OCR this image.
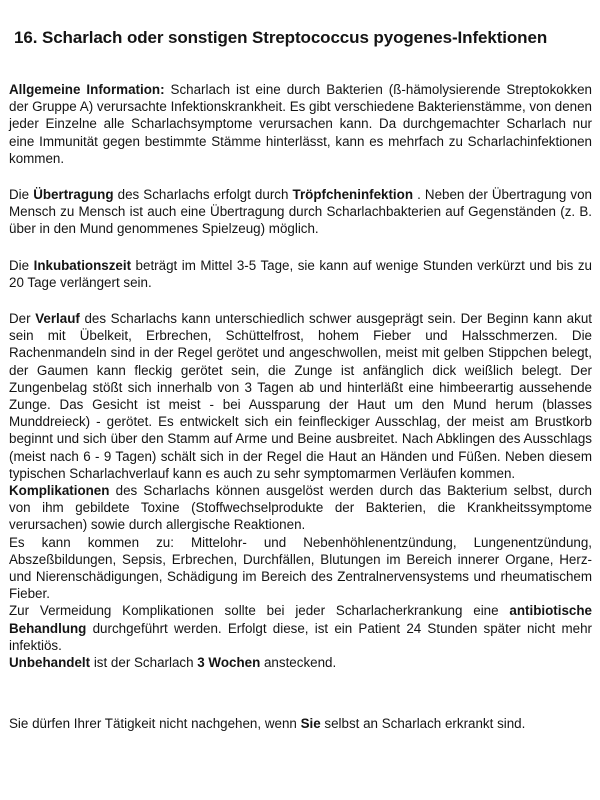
16. Scharlach oder sonstigen Streptococcus pyogenes-Infektionen

Allgemeine Information: Scharlach ist eine durch Bakterien (ß-hämolysierende Streptokokken der Gruppe A) verursachte Infektionskrankheit. Es gibt verschiedene Bakterienstämme, von denen jeder Einzelne alle Scharlachsymptome verursachen kann. Da durchgemachter Scharlach nur eine Immunität gegen bestimmte Stämme hinterlässt, kann es mehrfach zu Scharlachinfektionen kommen.

Die Übertragung des Scharlachs erfolgt durch Tröpfcheninfektion . Neben der Übertragung von Mensch zu Mensch ist auch eine Übertragung durch Scharlachbakterien auf Gegenständen (z. B. über in den Mund genommenes Spielzeug) möglich.

Die Inkubationszeit beträgt im Mittel 3-5 Tage, sie kann auf wenige Stunden verkürzt und bis zu 20 Tage verlängert sein.

Der Verlauf des Scharlachs kann unterschiedlich schwer ausgeprägt sein. Der Beginn kann akut sein mit Übelkeit, Erbrechen, Schüttelfrost, hohem Fieber und Halsschmerzen. Die Rachenmandeln sind in der Regel gerötet und angeschwollen, meist mit gelben Stippchen belegt, der Gaumen kann fleckig gerötet sein, die Zunge ist anfänglich dick weißlich belegt. Der Zungenbelag stößt sich innerhalb von 3 Tagen ab und hinterläßt eine himbeerartig aussehende Zunge. Das Gesicht ist meist - bei Aussparung der Haut um den Mund herum (blasses Munddreieck) - gerötet. Es entwickelt sich ein feinfleckiger Ausschlag, der meist am Brustkorb beginnt und sich über den Stamm auf Arme und Beine ausbreitet. Nach Abklingen des Ausschlags (meist nach 6 - 9 Tagen) schält sich in der Regel die Haut an Händen und Füßen. Neben diesem typischen Scharlachverlauf kann es auch zu sehr symptomarmen Verläufen kommen.

Komplikationen des Scharlachs können ausgelöst werden durch das Bakterium selbst, durch von ihm gebildete Toxine (Stoffwechselprodukte der Bakterien, die Krankheitssymptome verursachen) sowie durch allergische Reaktionen.

Es kann kommen zu: Mittelohr- und Nebenhöhlenentzündung, Lungenentzündung, Abszeßbildungen, Sepsis, Erbrechen, Durchfällen, Blutungen im Bereich innerer Organe, Herz- und Nierenschädigungen, Schädigung im Bereich des Zentralnervensystems und rheumatischem Fieber.

Zur Vermeidung Komplikationen sollte bei jeder Scharlacherkrankung eine antibiotische Behandlung durchgeführt werden. Erfolgt diese, ist ein Patient 24 Stunden später nicht mehr infektiös.

Unbehandelt ist der Scharlach 3 Wochen ansteckend.

Sie dürfen Ihrer Tätigkeit nicht nachgehen, wenn Sie selbst an Scharlach erkrankt sind.
